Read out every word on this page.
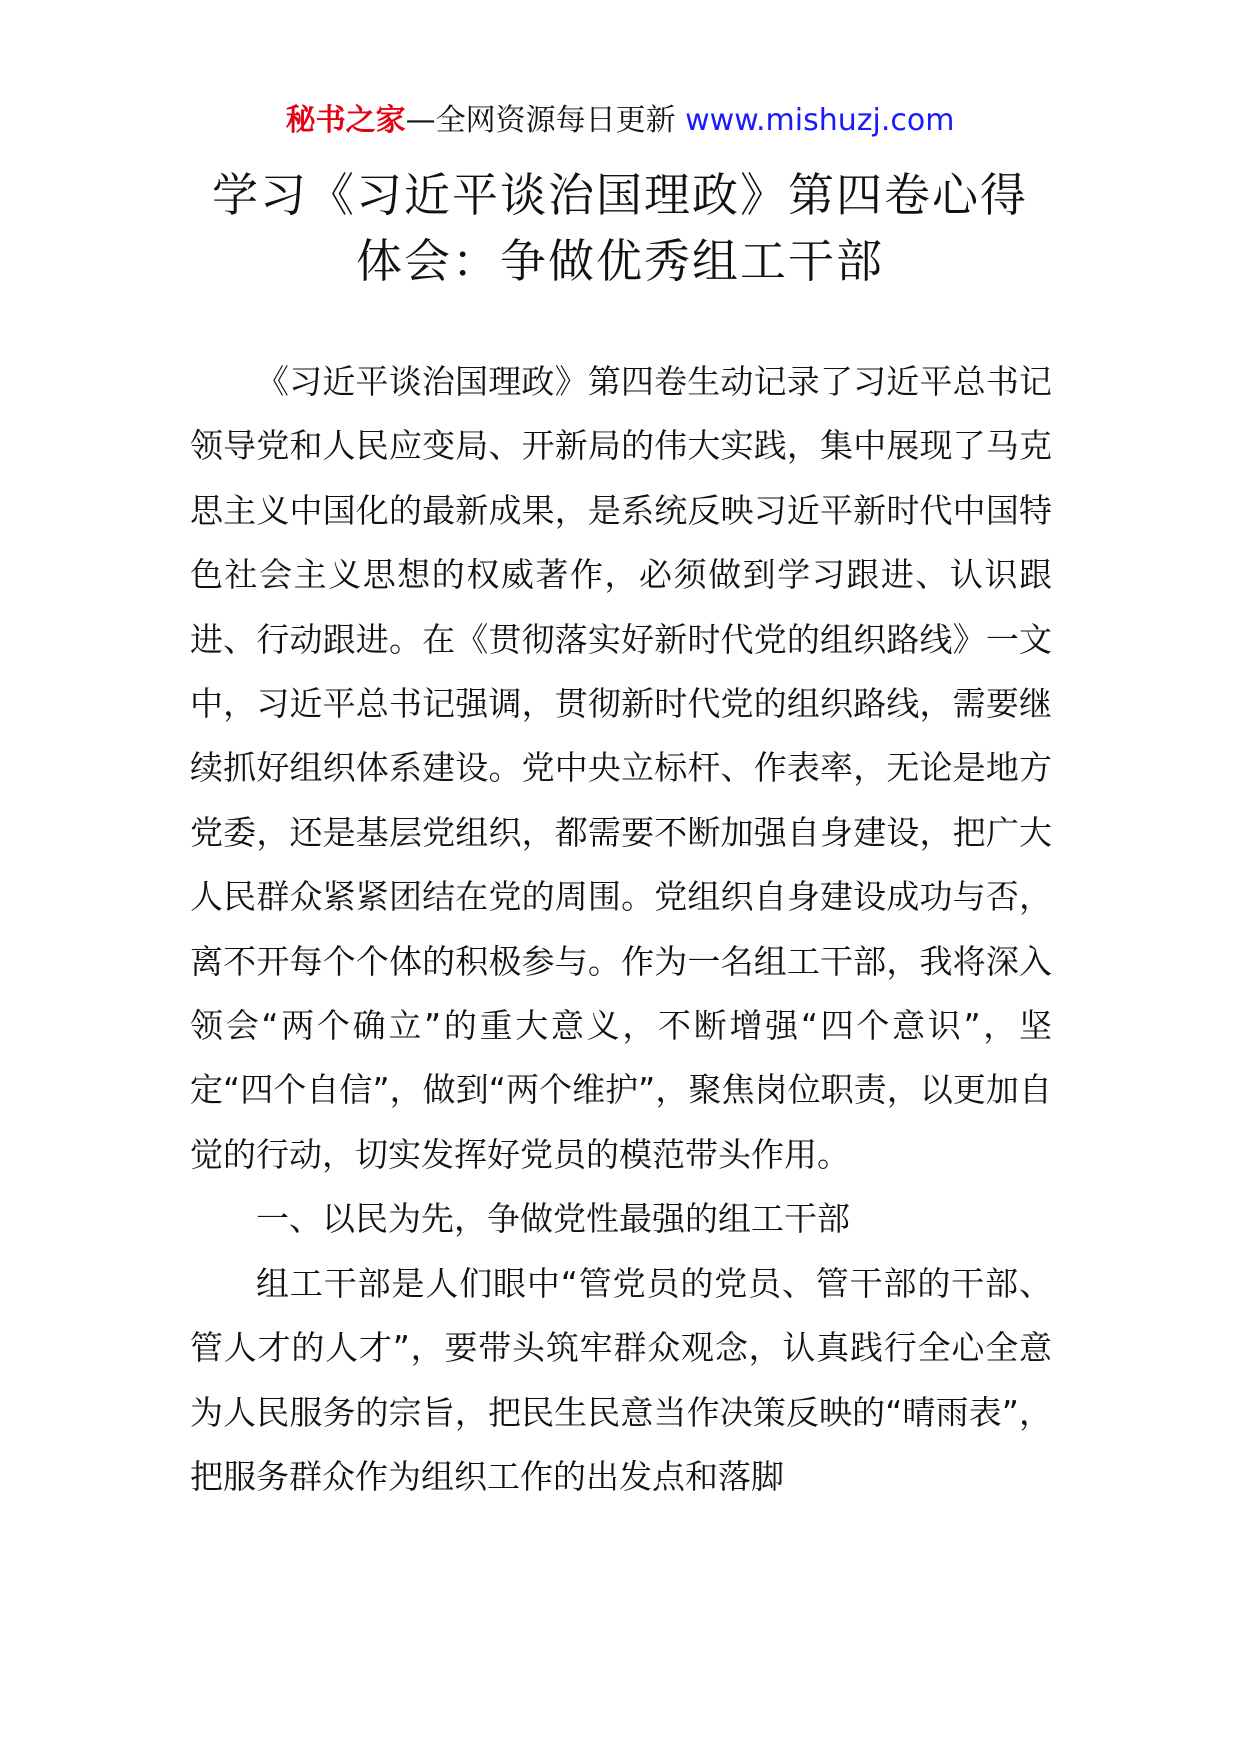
秘书之家—全网资源每日更新 www.mishuzj.com
学习《习近平谈治国理政》第四卷心得体会：争做优秀组工干部

《习近平谈治国理政》第四卷生动记录了习近平总书记领导党和人民应变局、开新局的伟大实践，集中展现了马克思主义中国化的最新成果，是系统反映习近平新时代中国特色社会主义思想的权威著作，必须做到学习跟进、认识跟进、行动跟进。在《贯彻落实好新时代党的组织路线》一文中，习近平总书记强调，贯彻新时代党的组织路线，需要继续抓好组织体系建设。党中央立标杆、作表率，无论是地方党委，还是基层党组织，都需要不断加强自身建设，把广大人民群众紧紧团结在党的周围。党组织自身建设成功与否，离不开每个个体的积极参与。作为一名组工干部，我将深入领会“两个确立”的重大意义，不断增强“四个意识”，坚定“四个自信”，做到“两个维护”，聚焦岗位职责，以更加自觉的行动，切实发挥好党员的模范带头作用。

一、以民为先，争做党性最强的组工干部

组工干部是人们眼中“管党员的党员、管干部的干部、管人才的人才”，要带头筑牢群众观念，认真践行全心全意为人民服务的宗旨，把民生民意当作决策反映的“晴雨表”，把服务群众作为组织工作的出发点和落脚
